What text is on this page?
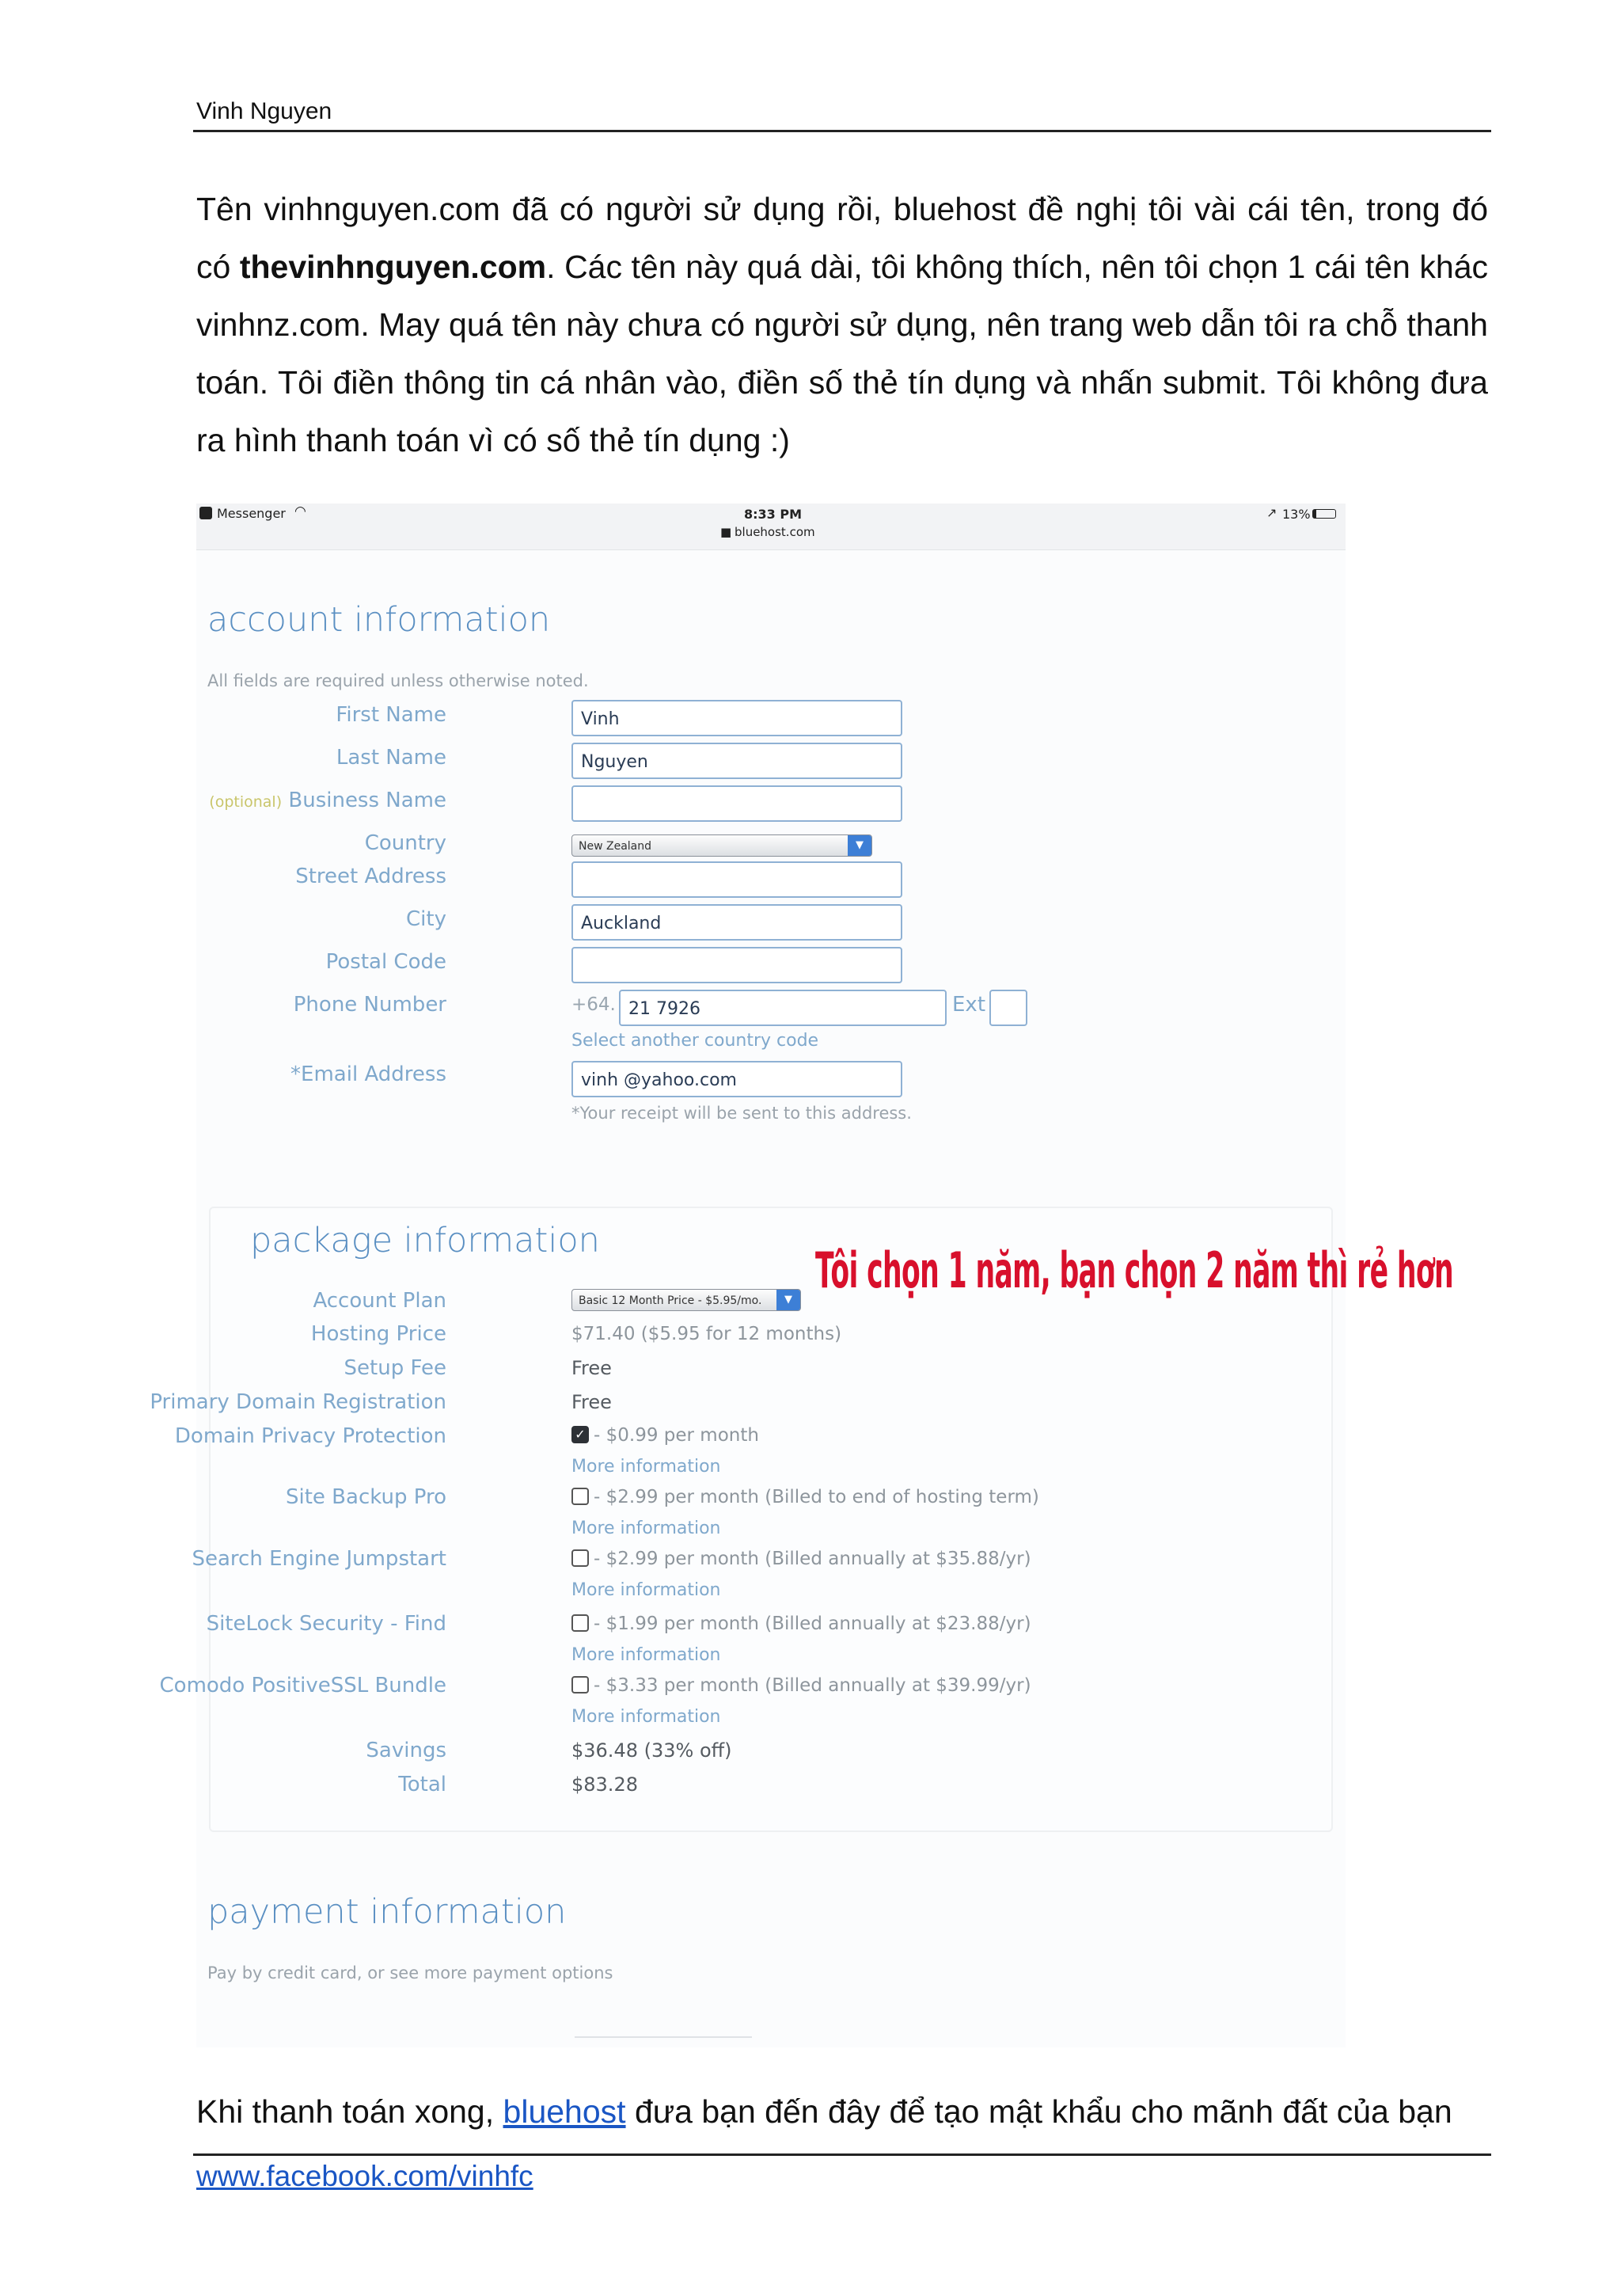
Vinh Nguyen

Tên vinhnguyen.com đã có người sử dụng rồi, bluehost đề nghị tôi vài cái tên, trong đó có thevinhnguyen.com. Các tên này quá dài, tôi không thích, nên tôi chọn 1 cái tên khác vinhnz.com. May quá tên này chưa có người sử dụng, nên trang web dẫn tôi ra chỗ thanh toán. Tôi điền thông tin cá nhân vào, điền số thẻ tín dụng và nhấn submit. Tôi không đưa ra hình thanh toán vì có số thẻ tín dụng :)

Messenger ◠	8:33 PM
■ bluehost.com
↗ 13%
account information
All fields are required unless otherwise noted.
First Name	Vinh
Last Name	Nguyen
(optional) Business Name
Country	New Zealand	▼
Street Address
City	Auckland
Postal Code
Phone Number	+64. 21 7926	Ext
Select another country code
*Email Address	vinh @yahoo.com
*Your receipt will be sent to this address.
package information
Tôi chọn 1 năm, bạn chọn 2 năm thì rẻ hơn
Account Plan	Basic 12 Month Price - $5.95/mo.	▼
Hosting Price	$71.40 ($5.95 for 12 months)
Setup Fee	Free
Primary Domain Registration	Free
Domain Privacy Protection	✓ - $0.99 per month
More information
Site Backup Pro	- $2.99 per month (Billed to end of hosting term)
More information
Search Engine Jumpstart	- $2.99 per month (Billed annually at $35.88/yr)
More information
SiteLock Security - Find	- $1.99 per month (Billed annually at $23.88/yr)
More information
Comodo PositiveSSL Bundle	- $3.33 per month (Billed annually at $39.99/yr)
More information
Savings	$36.48 (33% off)
Total	$83.28
payment information
Pay by credit card, or see more payment options
Khi thanh toán xong, bluehost đưa bạn đến đây để tạo mật khẩu cho mãnh đất của bạn
www.facebook.com/vinhfc
